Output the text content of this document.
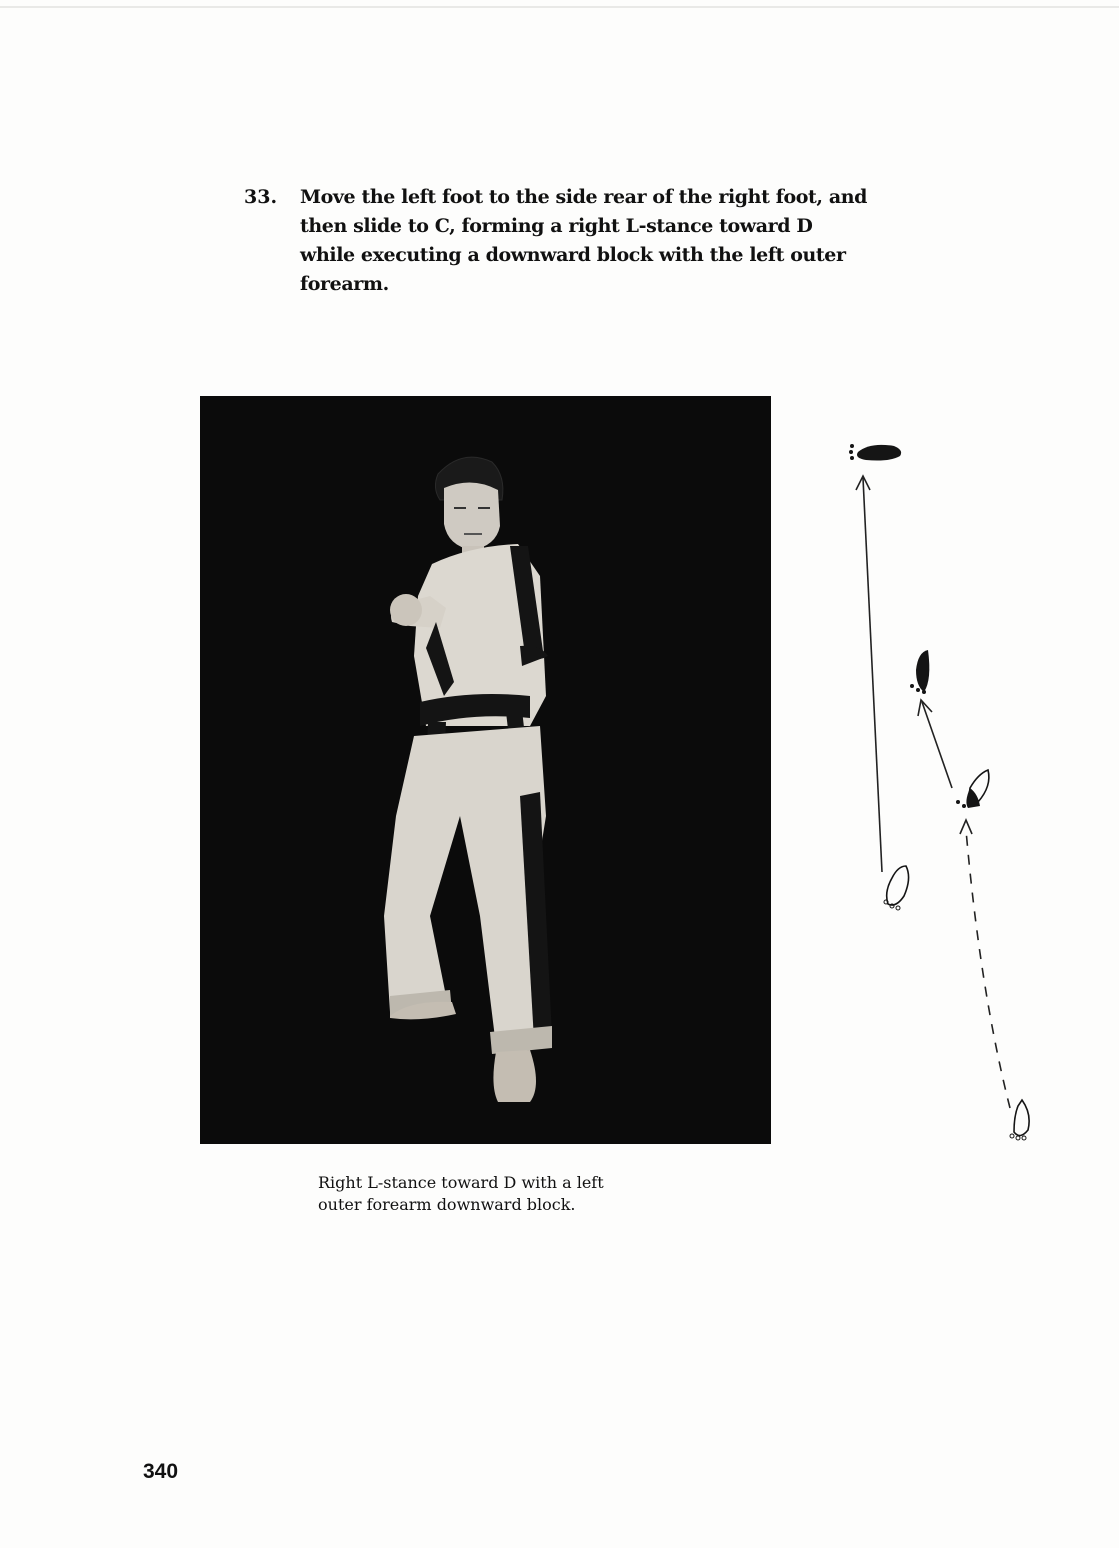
33. Move the left foot to the side rear of the right foot, and
then slide to C, forming a right L-stance toward D
while executing a downward block with the left outer
forearm.
Right L-stance toward D with a left
outer forearm downward block.
340
